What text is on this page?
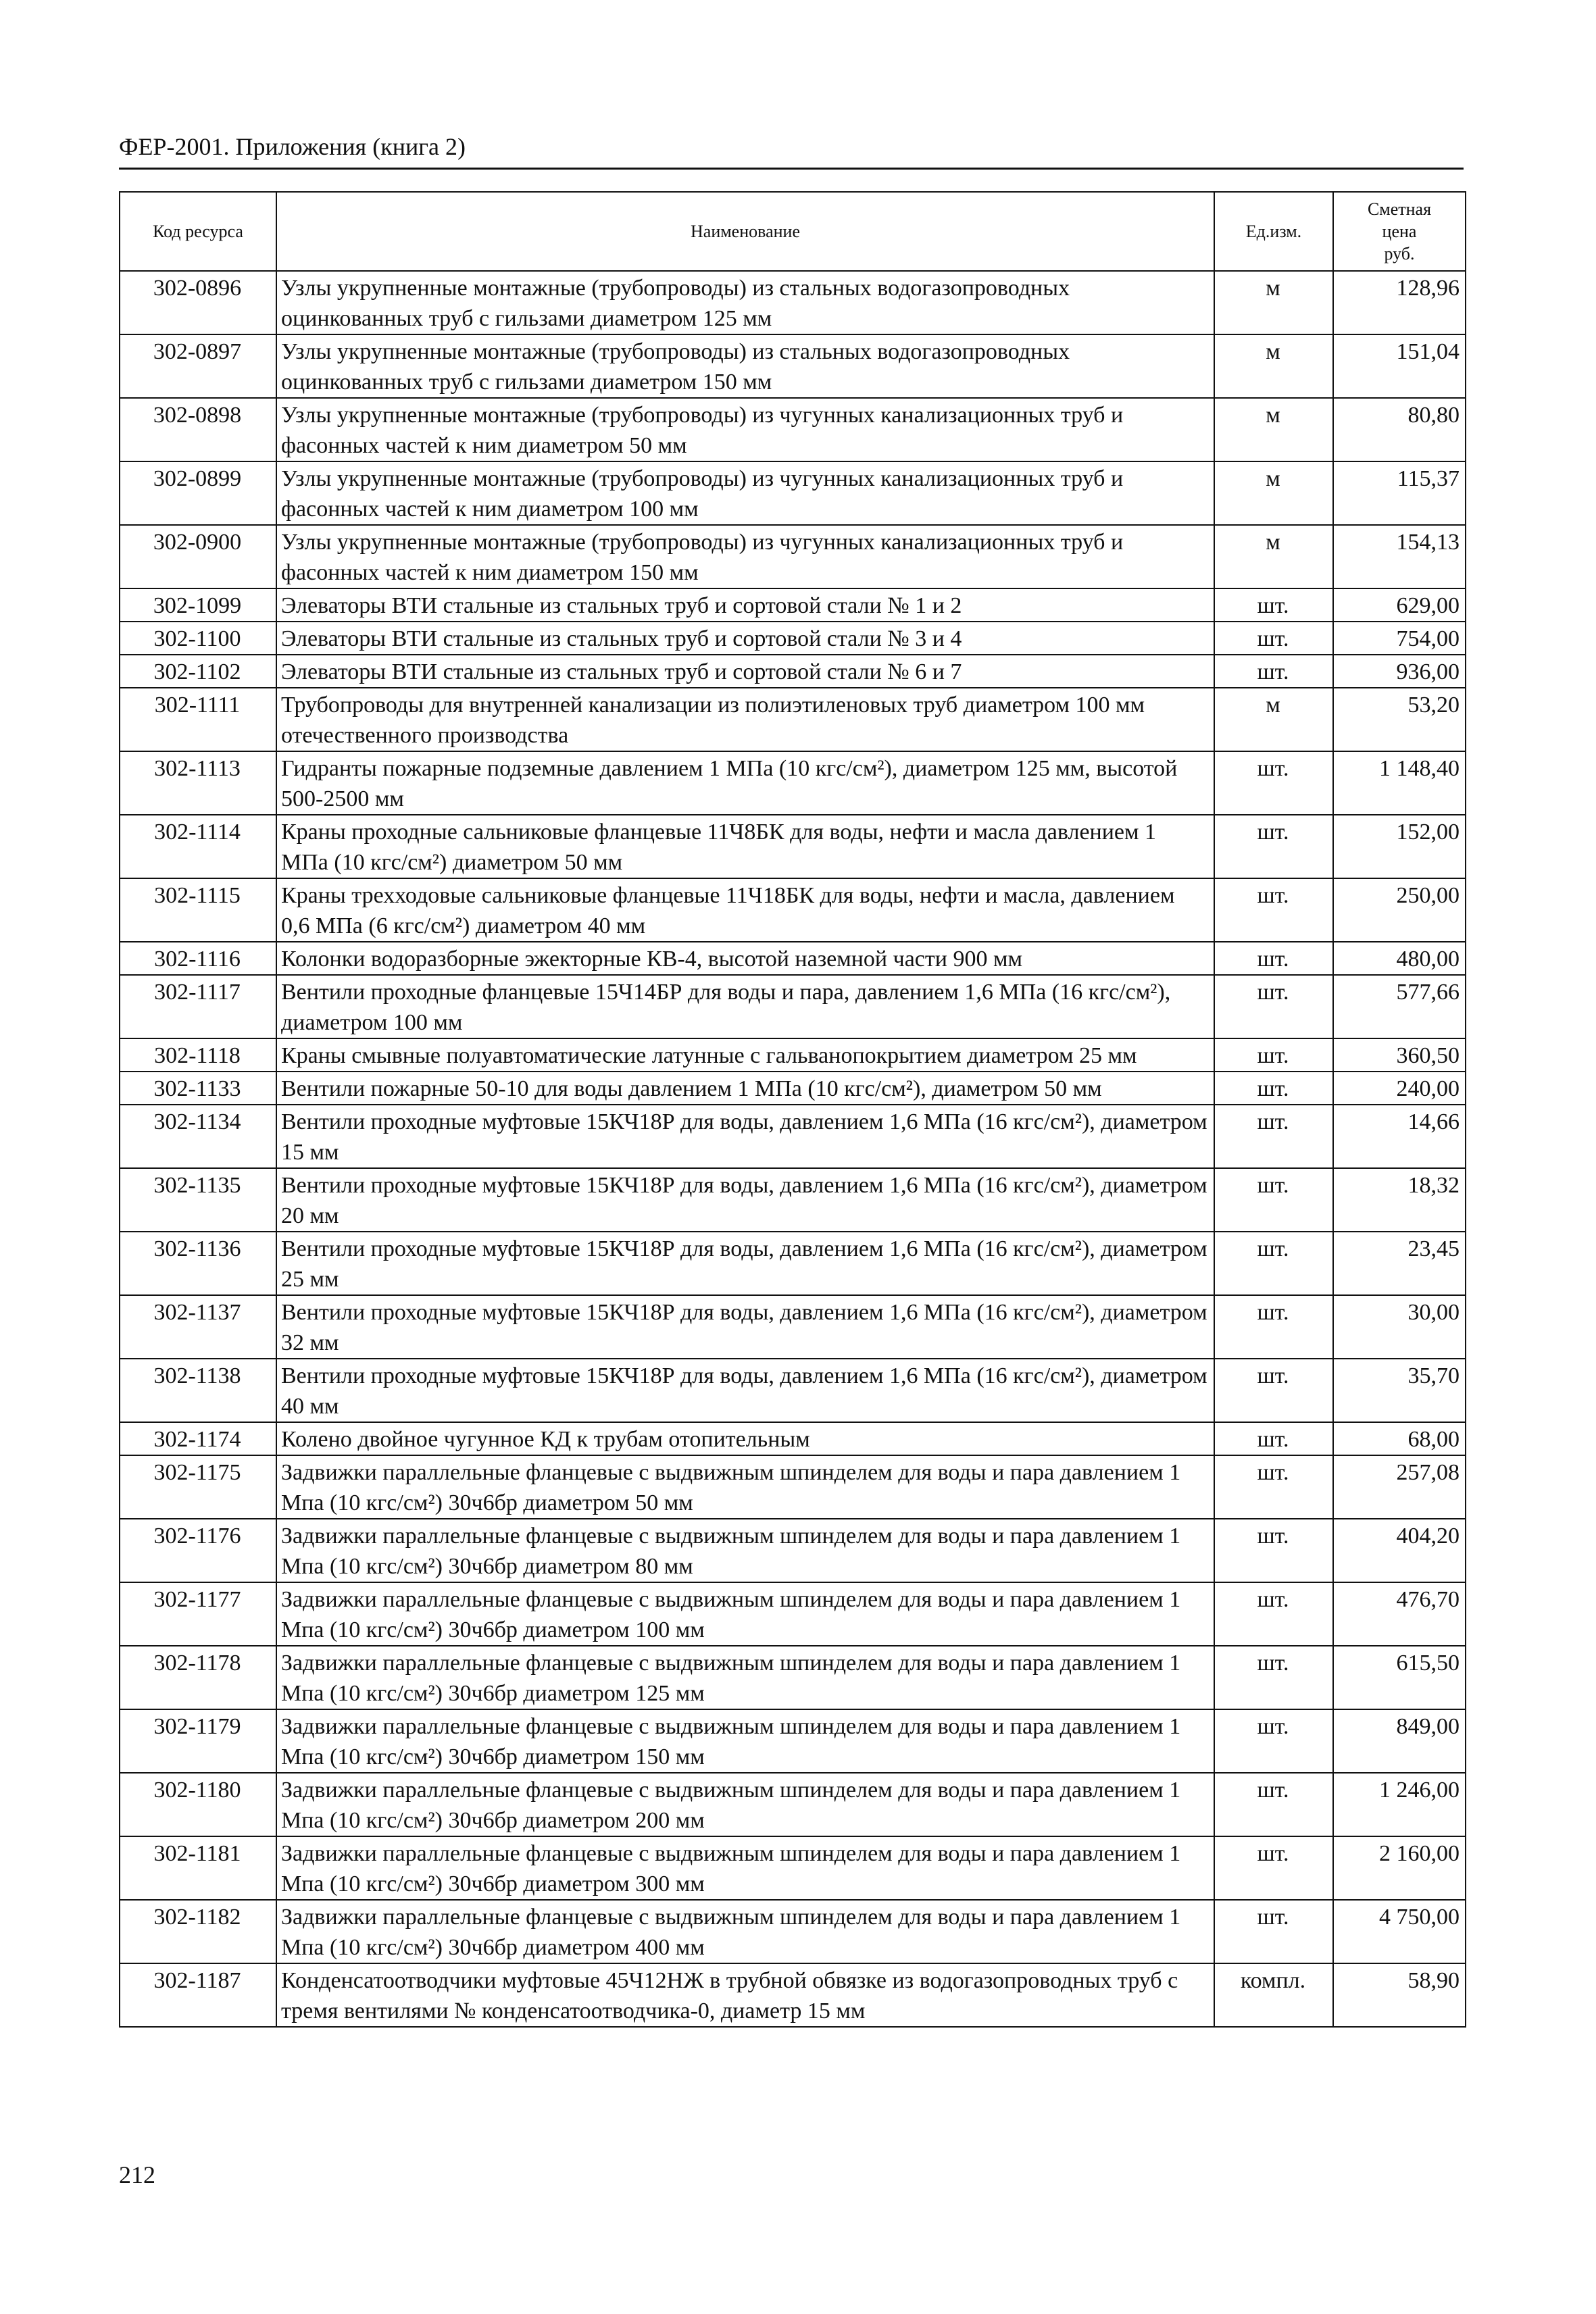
ФЕР-2001. Приложения (книга 2)
Код ресурса	Наименование	Ед.изм.	Сметная
цена
руб.

302-0896	Узлы укрупненные монтажные (трубопроводы) из стальных водогазопроводных оцинкованных труб с гильзами диаметром 125 мм	м	128,96
302-0897	Узлы укрупненные монтажные (трубопроводы) из стальных водогазопроводных оцинкованных труб с гильзами диаметром 150 мм	м	151,04
302-0898	Узлы укрупненные монтажные (трубопроводы) из чугунных канализационных труб и фасонных частей к ним диаметром 50 мм	м	80,80
302-0899	Узлы укрупненные монтажные (трубопроводы) из чугунных канализационных труб и фасонных частей к ним диаметром 100 мм	м	115,37
302-0900	Узлы укрупненные монтажные (трубопроводы) из чугунных канализационных труб и фасонных частей к ним диаметром 150 мм	м	154,13
302-1099	Элеваторы ВТИ стальные из стальных труб и сортовой стали № 1 и 2	шт.	629,00
302-1100	Элеваторы ВТИ стальные из стальных труб и сортовой стали № 3 и 4	шт.	754,00
302-1102	Элеваторы ВТИ стальные из стальных труб и сортовой стали № 6 и 7	шт.	936,00
302-1111	Трубопроводы для внутренней канализации из полиэтиленовых труб диаметром 100 мм отечественного производства	м	53,20
302-1113	Гидранты пожарные подземные давлением 1 МПа (10 кгс/см²), диаметром 125 мм, высотой 500-2500 мм	шт.	1 148,40
302-1114	Краны проходные сальниковые фланцевые 11Ч8БК для воды, нефти и масла давлением 1 МПа (10 кгс/см²) диаметром 50 мм	шт.	152,00
302-1115	Краны трехходовые сальниковые фланцевые 11Ч18БК для воды, нефти и масла, давлением 0,6 МПа (6 кгс/см²) диаметром 40 мм	шт.	250,00
302-1116	Колонки водоразборные эжекторные КВ-4, высотой наземной части 900 мм	шт.	480,00
302-1117	Вентили проходные фланцевые 15Ч14БР для воды и пара, давлением 1,6 МПа (16 кгс/см²), диаметром 100 мм	шт.	577,66
302-1118	Краны смывные полуавтоматические латунные с гальванопокрытием диаметром 25 мм	шт.	360,50
302-1133	Вентили пожарные 50-10 для воды давлением 1 МПа (10 кгс/см²), диаметром 50 мм	шт.	240,00
302-1134	Вентили проходные муфтовые 15КЧ18Р для воды, давлением 1,6 МПа (16 кгс/см²), диаметром 15 мм	шт.	14,66
302-1135	Вентили проходные муфтовые 15КЧ18Р для воды, давлением 1,6 МПа (16 кгс/см²), диаметром 20 мм	шт.	18,32
302-1136	Вентили проходные муфтовые 15КЧ18Р для воды, давлением 1,6 МПа (16 кгс/см²), диаметром 25 мм	шт.	23,45
302-1137	Вентили проходные муфтовые 15КЧ18Р для воды, давлением 1,6 МПа (16 кгс/см²), диаметром 32 мм	шт.	30,00
302-1138	Вентили проходные муфтовые 15КЧ18Р для воды, давлением 1,6 МПа (16 кгс/см²), диаметром 40 мм	шт.	35,70
302-1174	Колено двойное чугунное КД к трубам отопительным	шт.	68,00
302-1175	Задвижки параллельные фланцевые с выдвижным шпинделем для воды и пара давлением 1 Мпа (10 кгс/см²) 30ч6бр диаметром 50 мм	шт.	257,08
302-1176	Задвижки параллельные фланцевые с выдвижным шпинделем для воды и пара давлением 1 Мпа (10 кгс/см²) 30ч6бр диаметром 80 мм	шт.	404,20
302-1177	Задвижки параллельные фланцевые с выдвижным шпинделем для воды и пара давлением 1 Мпа (10 кгс/см²) 30ч6бр диаметром 100 мм	шт.	476,70
302-1178	Задвижки параллельные фланцевые с выдвижным шпинделем для воды и пара давлением 1 Мпа (10 кгс/см²) 30ч6бр диаметром 125 мм	шт.	615,50
302-1179	Задвижки параллельные фланцевые с выдвижным шпинделем для воды и пара давлением 1 Мпа (10 кгс/см²) 30ч6бр диаметром 150 мм	шт.	849,00
302-1180	Задвижки параллельные фланцевые с выдвижным шпинделем для воды и пара давлением 1 Мпа (10 кгс/см²) 30ч6бр диаметром 200 мм	шт.	1 246,00
302-1181	Задвижки параллельные фланцевые с выдвижным шпинделем для воды и пара давлением 1 Мпа (10 кгс/см²) 30ч6бр диаметром 300 мм	шт.	2 160,00
302-1182	Задвижки параллельные фланцевые с выдвижным шпинделем для воды и пара давлением 1 Мпа (10 кгс/см²) 30ч6бр диаметром 400 мм	шт.	4 750,00
302-1187	Конденсатоотводчики муфтовые 45Ч12НЖ в трубной обвязке из водогазопроводных труб с тремя вентилями № конденсатоотводчика-0, диаметр 15 мм	компл.	58,90
212
